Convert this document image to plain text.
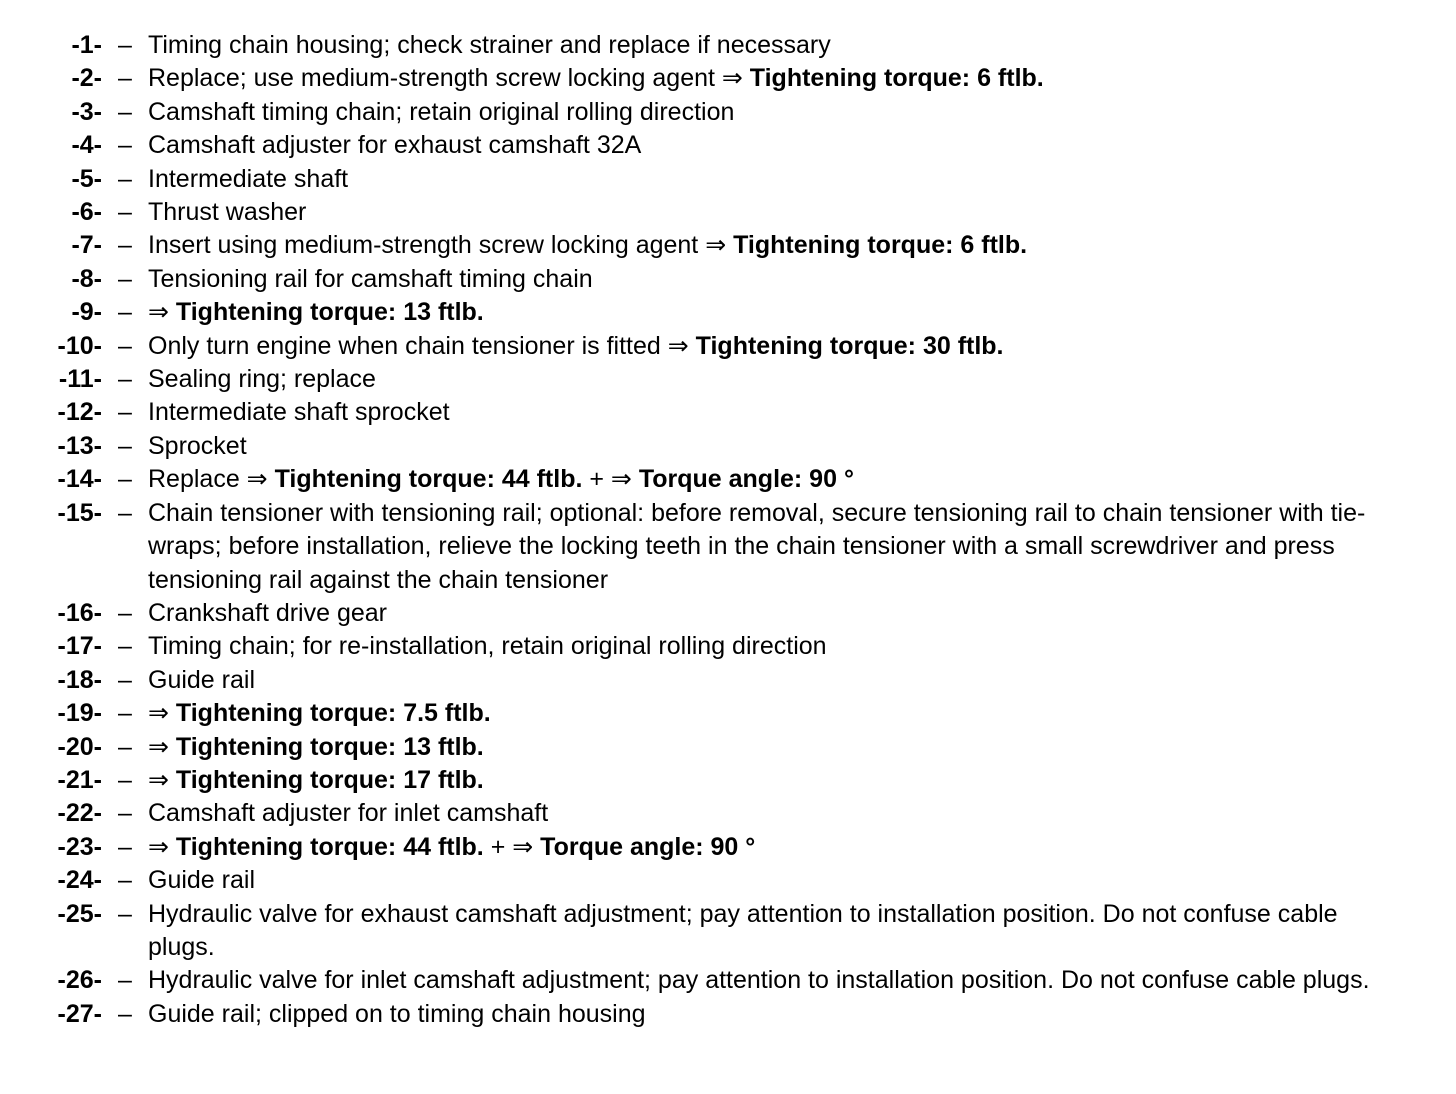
-1- – Timing chain housing; check strainer and replace if necessary
-2- – Replace; use medium-strength screw locking agent ⇒ Tightening torque: 6 ftlb.
-3- – Camshaft timing chain; retain original rolling direction
-4- – Camshaft adjuster for exhaust camshaft 32A
-5- – Intermediate shaft
-6- – Thrust washer
-7- – Insert using medium-strength screw locking agent ⇒ Tightening torque: 6 ftlb.
-8- – Tensioning rail for camshaft timing chain
-9- – ⇒ Tightening torque: 13 ftlb.
-10- – Only turn engine when chain tensioner is fitted ⇒ Tightening torque: 30 ftlb.
-11- – Sealing ring; replace
-12- – Intermediate shaft sprocket
-13- – Sprocket
-14- – Replace ⇒ Tightening torque: 44 ftlb. + ⇒ Torque angle: 90 °
-15- – Chain tensioner with tensioning rail; optional: before removal, secure tensioning rail to chain tensioner with tie-wraps; before installation, relieve the locking teeth in the chain tensioner with a small screwdriver and press tensioning rail against the chain tensioner
-16- – Crankshaft drive gear
-17- – Timing chain; for re-installation, retain original rolling direction
-18- – Guide rail
-19- – ⇒ Tightening torque: 7.5 ftlb.
-20- – ⇒ Tightening torque: 13 ftlb.
-21- – ⇒ Tightening torque: 17 ftlb.
-22- – Camshaft adjuster for inlet camshaft
-23- – ⇒ Tightening torque: 44 ftlb. + ⇒ Torque angle: 90 °
-24- – Guide rail
-25- – Hydraulic valve for exhaust camshaft adjustment; pay attention to installation position. Do not confuse cable plugs.
-26- – Hydraulic valve for inlet camshaft adjustment; pay attention to installation position. Do not confuse cable plugs.
-27- – Guide rail; clipped on to timing chain housing
